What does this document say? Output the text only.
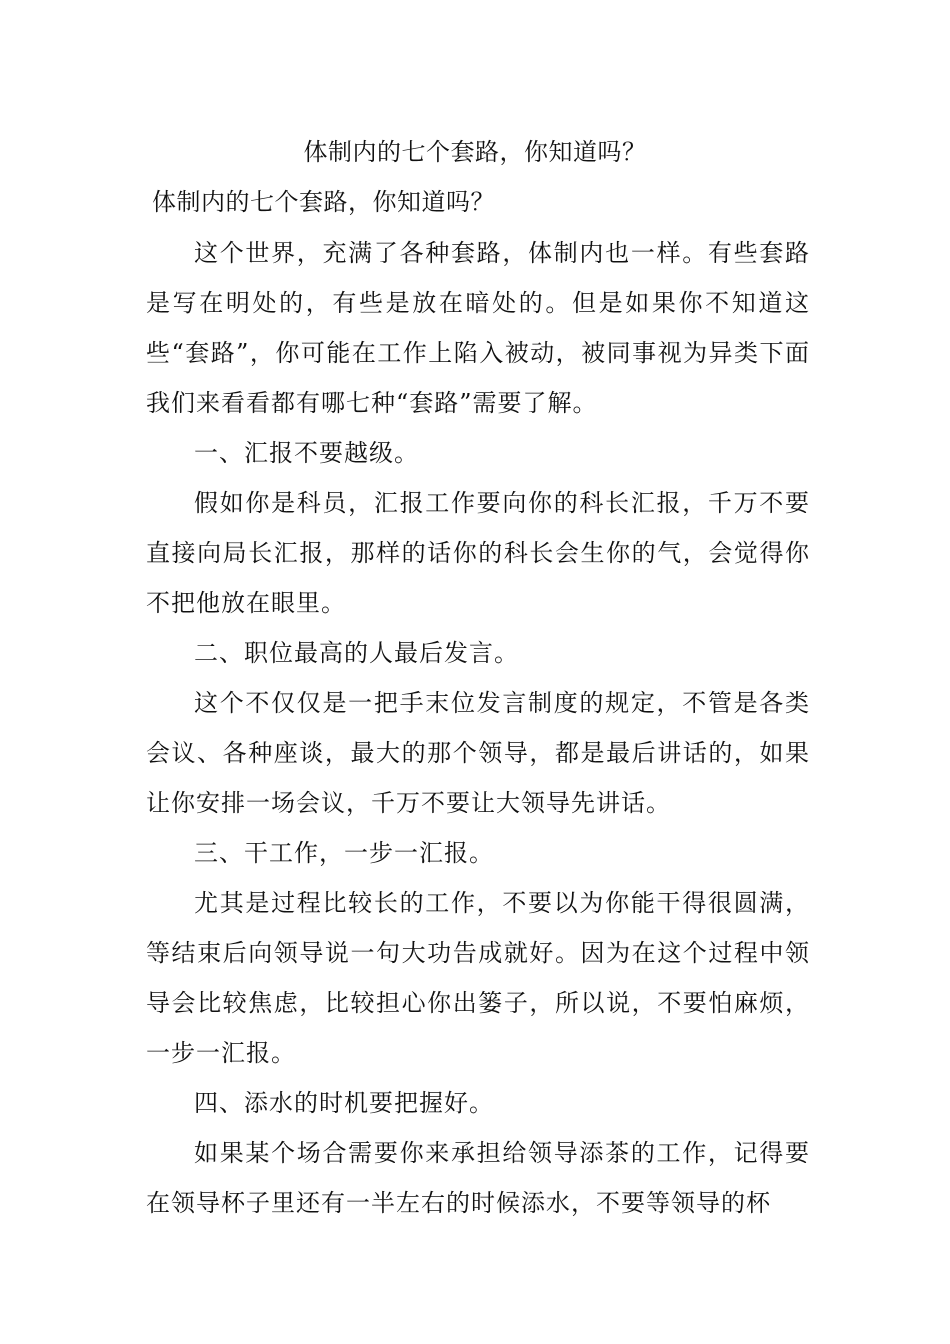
体制内的七个套路，你知道吗？
体制内的七个套路，你知道吗？

这个世界，充满了各种套路，体制内也一样。有些套路是写在明处的，有些是放在暗处的。但是如果你不知道这些“套路”，你可能在工作上陷入被动，被同事视为异类下面我们来看看都有哪七种“套路”需要了解。

一、汇报不要越级。

假如你是科员，汇报工作要向你的科长汇报，千万不要直接向局长汇报，那样的话你的科长会生你的气，会觉得你不把他放在眼里。

二、职位最高的人最后发言。

这个不仅仅是一把手末位发言制度的规定，不管是各类会议、各种座谈，最大的那个领导，都是最后讲话的，如果让你安排一场会议，千万不要让大领导先讲话。

三、干工作，一步一汇报。

尤其是过程比较长的工作，不要以为你能干得很圆满，等结束后向领导说一句大功告成就好。因为在这个过程中领导会比较焦虑，比较担心你出篓子，所以说，不要怕麻烦，一步一汇报。

四、添水的时机要把握好。

如果某个场合需要你来承担给领导添茶的工作，记得要在领导杯子里还有一半左右的时候添水，不要等领导的杯
